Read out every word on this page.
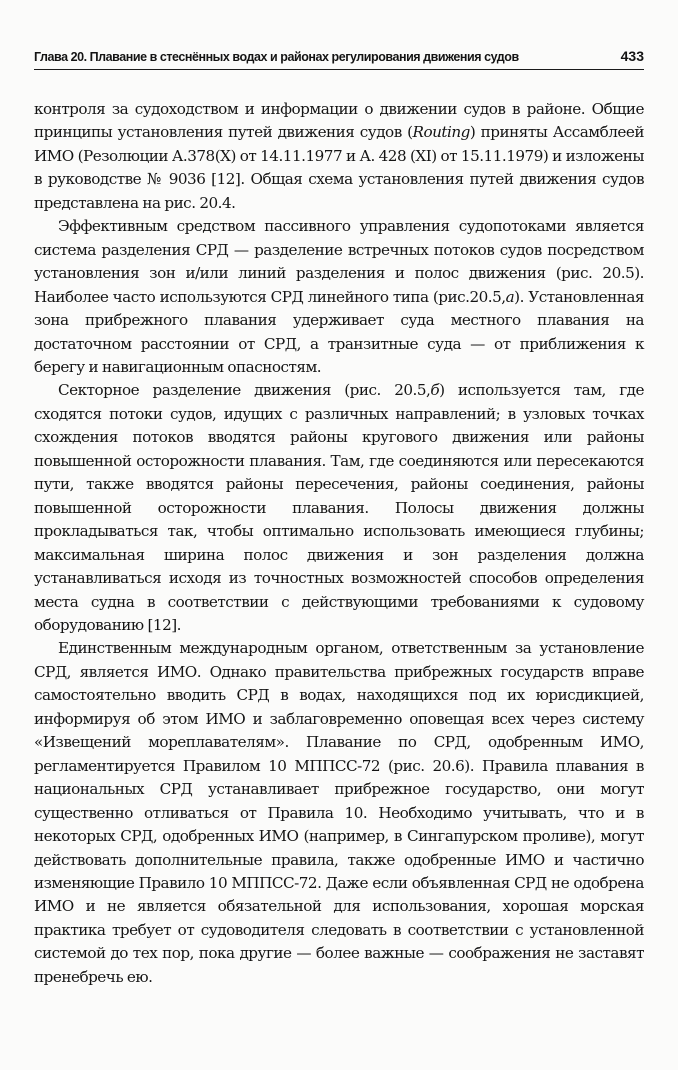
Глава 20. Плавание в стеснённых водах и районах регулирования движения судов	433

контроля за судоходством и информации о движении судов в районе. Общие принципы установления путей движения судов (Routing) приняты Ассамблеей ИМО (Резолюции А.378(Х) от 14.11.1977 и А. 428 (XI) от 15.11.1979) и изложены в руководстве № 9036 [12]. Общая схема установления путей движения судов представлена на рис. 20.4.

Эффективным средством пассивного управления судопотоками является система разделения СРД — разделение встречных потоков судов посредством установления зон и/или линий разделения и полос движения (рис. 20.5). Наиболее часто используются СРД линейного типа (рис.20.5,а). Установленная зона прибрежного плавания удерживает суда местного плавания на достаточном расстоянии от СРД, а транзитные суда — от приближения к берегу и навигационным опасностям.

Секторное разделение движения (рис. 20.5,б) используется там, где сходятся потоки судов, идущих с различных направлений; в узловых точках схождения потоков вводятся районы кругового движения или районы повышенной осторожности плавания. Там, где соединяются или пересекаются пути, также вводятся районы пересечения, районы соединения, районы повышенной осторожности плавания. Полосы движения должны прокладываться так, чтобы оптимально использовать имеющиеся глубины; максимальная ширина полос движения и зон разделения должна устанавливаться исходя из точностных возможностей способов определения места судна в соответствии с действующими требованиями к судовому оборудованию [12].

Единственным международным органом, ответственным за установление СРД, является ИМО. Однако правительства прибрежных государств вправе самостоятельно вводить СРД в водах, находящихся под их юрисдикцией, информируя об этом ИМО и заблаговременно оповещая всех через систему «Извещений мореплавателям». Плавание по СРД, одобренным ИМО, регламентируется Правилом 10 МППСС-72 (рис. 20.6). Правила плавания в национальных СРД устанавливает прибрежное государство, они могут существенно отливаться от Правила 10. Необходимо учитывать, что и в некоторых СРД, одобренных ИМО (например, в Сингапурском проливе), могут действовать дополнительные правила, также одобренные ИМО и частично изменяющие Правило 10 МППСС-72. Даже если объявленная СРД не одобрена ИМО и не является обязательной для использования, хорошая морская практика требует от судоводителя следовать в соответствии с установленной системой до тех пор, пока другие — более важные — соображения не заставят пренебречь ею.
